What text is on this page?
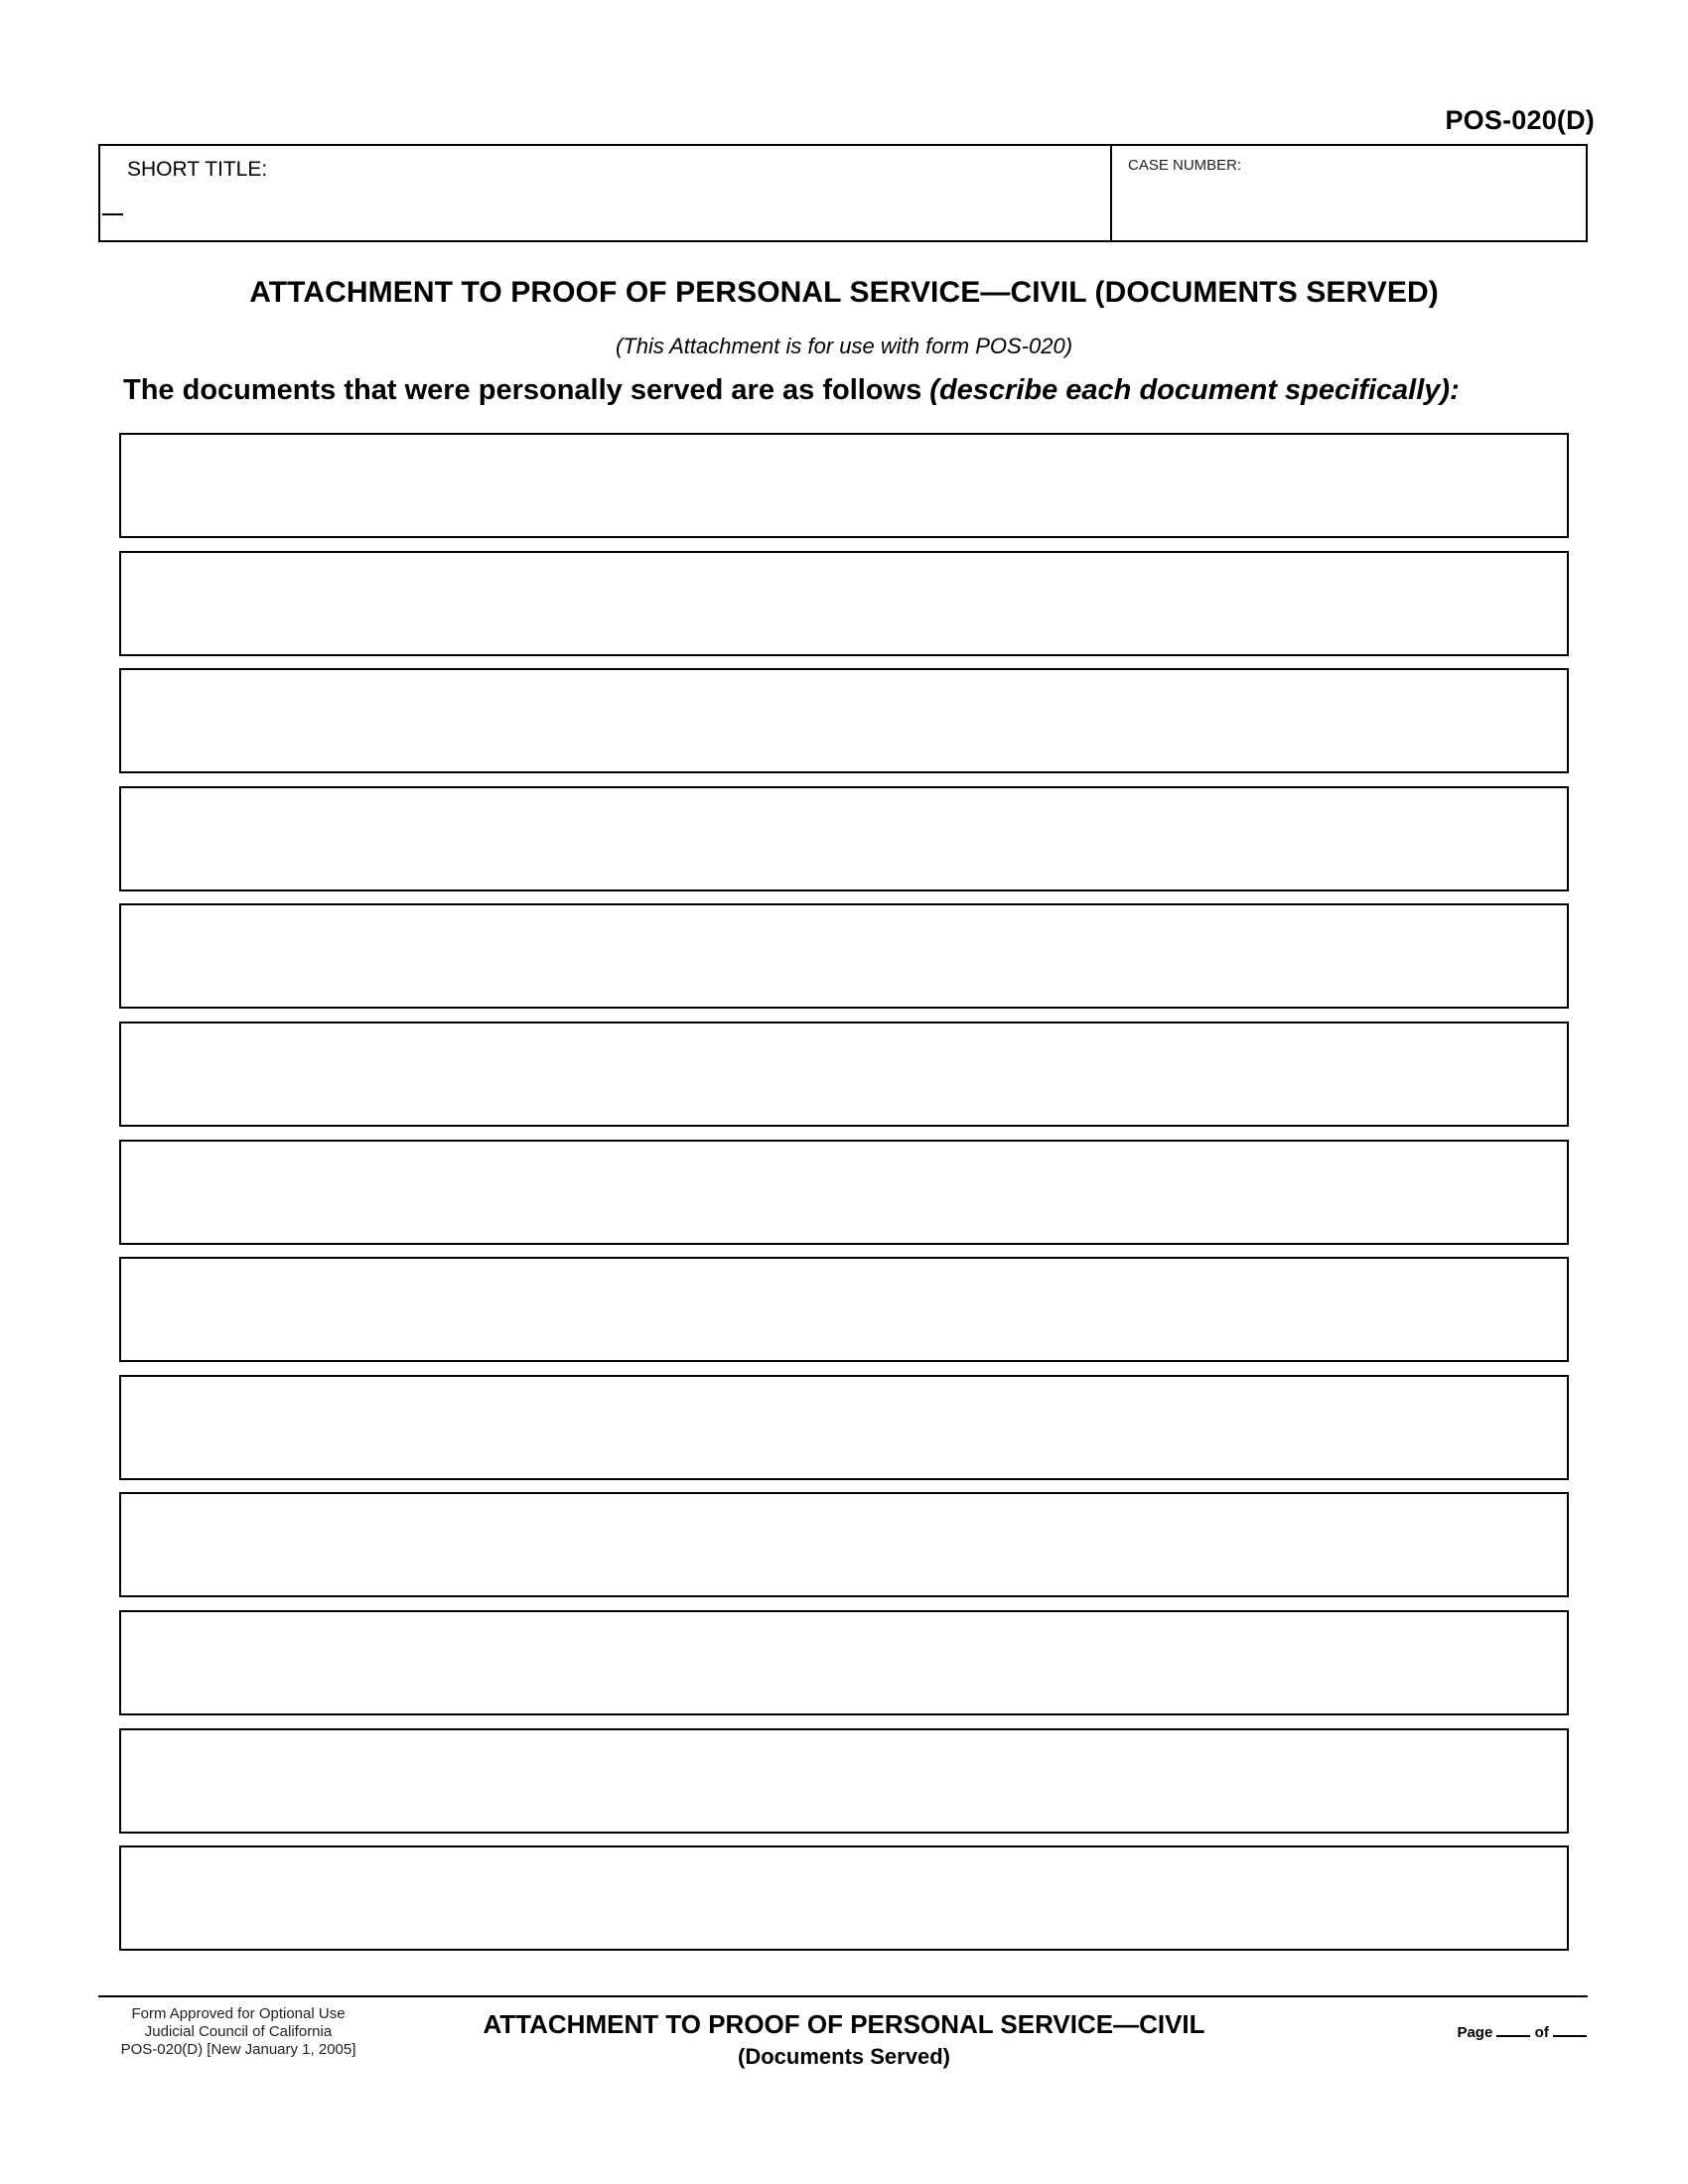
POS-020(D)
SHORT TITLE:	CASE NUMBER:
ATTACHMENT TO PROOF OF PERSONAL SERVICE—CIVIL (DOCUMENTS SERVED)
(This Attachment is for use with form POS-020)
The documents that were personally served are as follows (describe each document specifically):
Form Approved for Optional Use
Judicial Council of California
POS-020(D) [New January 1, 2005]
ATTACHMENT TO PROOF OF PERSONAL SERVICE—CIVIL
(Documents Served)
Page	of
